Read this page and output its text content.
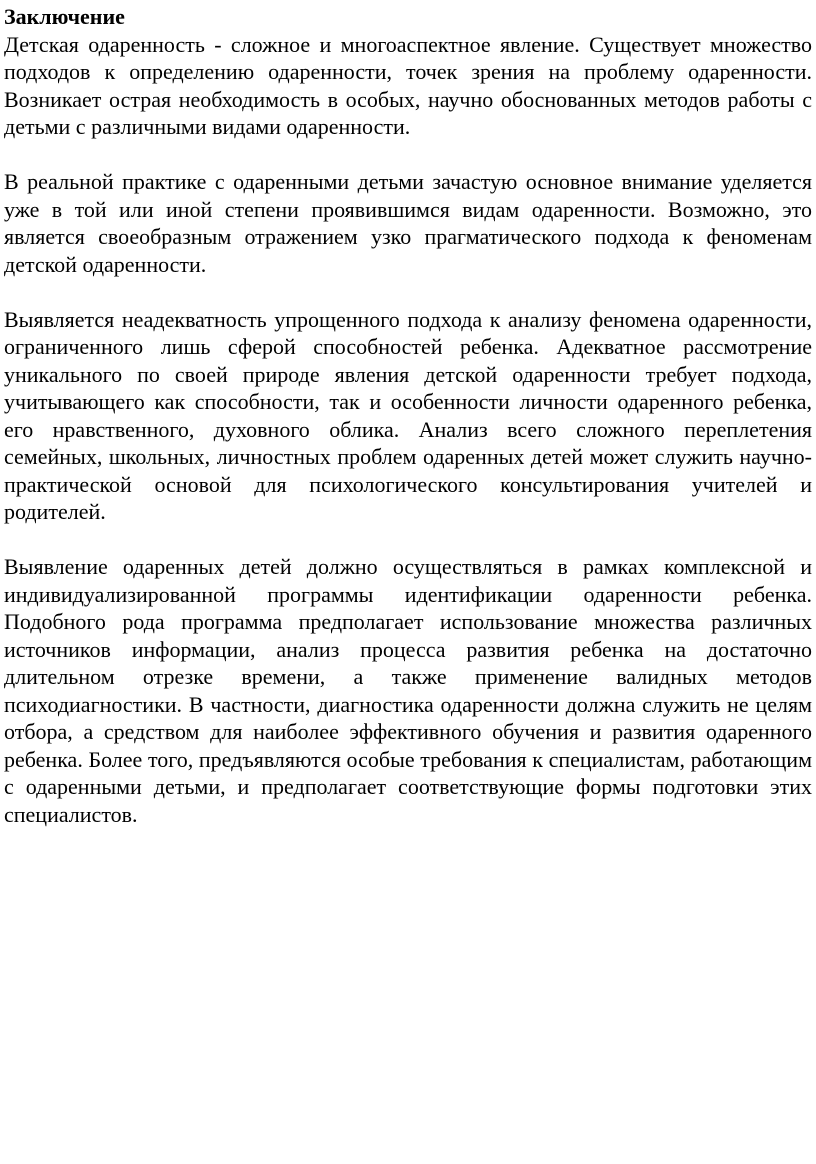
Заключение

Детская одаренность - сложное и многоаспектное явление. Существует множество подходов к определению одаренности, точек зрения на проблему одаренности. Возникает острая необходимость в особых, научно обоснованных методов работы с детьми с различными видами одаренности.

В реальной практике с одаренными детьми зачастую основное внимание уделяется уже в той или иной степени проявившимся видам одаренности. Возможно, это является своеобразным отражением узко прагматического подхода к феноменам детской одаренности.

Выявляется неадекватность упрощенного подхода к анализу феномена одаренности, ограниченного лишь сферой способностей ребенка. Адекватное рассмотрение уникального по своей природе явления детской одаренности требует подхода, учитывающего как способности, так и особенности личности одаренного ребенка, его нравственного, духовного облика. Анализ всего сложного переплетения семейных, школьных, личностных проблем одаренных детей может служить научно-практической основой для психологического консультирования учителей и родителей.

Выявление одаренных детей должно осуществляться в рамках комплексной и индивидуализированной программы идентификации одаренности ребенка. Подобного рода программа предполагает использование множества различных источников информации, анализ процесса развития ребенка на достаточно длительном отрезке времени, а также применение валидных методов психодиагностики. В частности, диагностика одаренности должна служить не целям отбора, а средством для наиболее эффективного обучения и развития одаренного ребенка. Более того, предъявляются особые требования к специалистам, работающим с одаренными детьми, и предполагает соответствующие формы подготовки этих специалистов.
